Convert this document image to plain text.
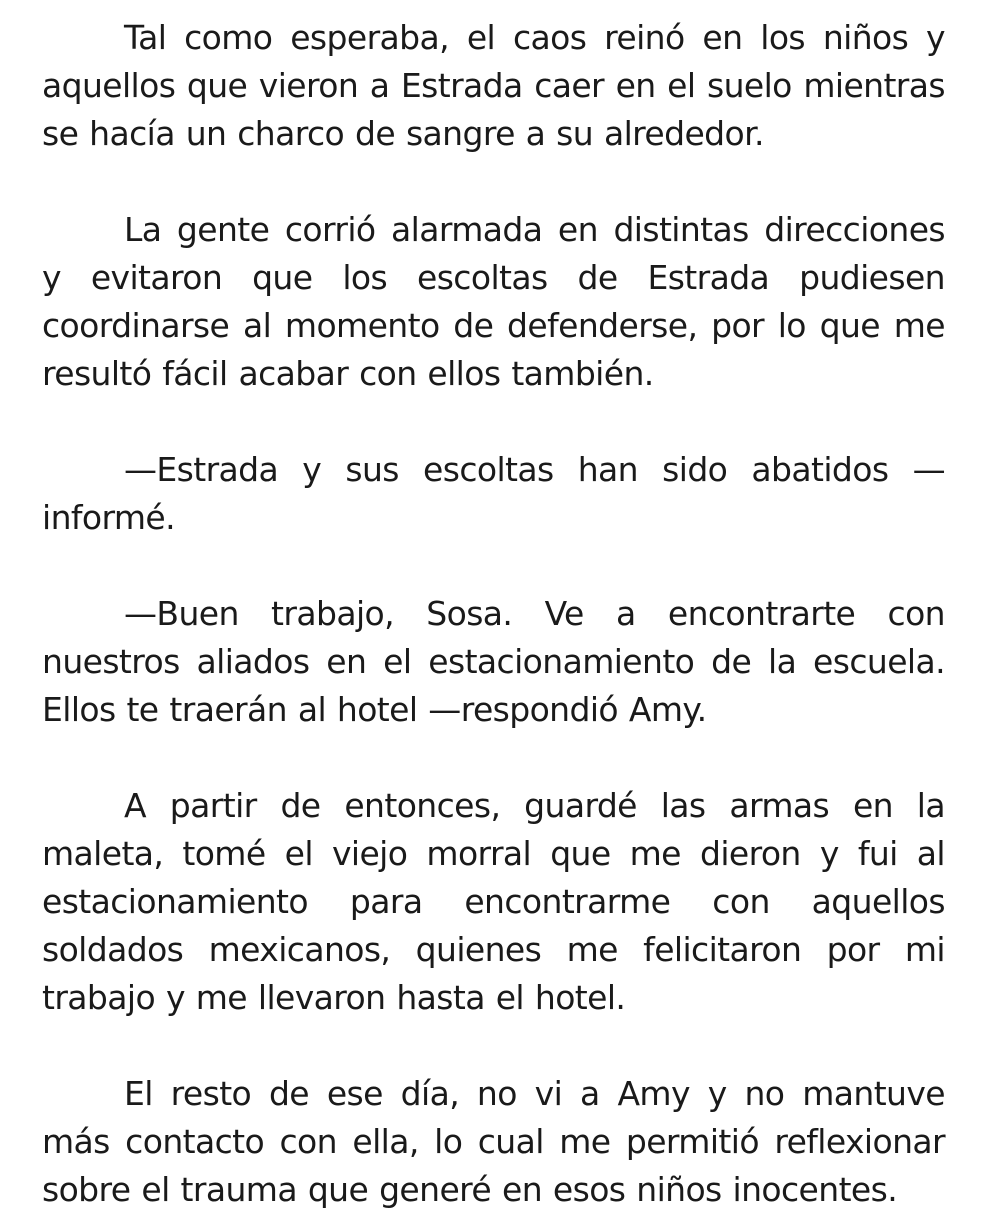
Tal como esperaba, el caos reinó en los niños y aquellos que vieron a Estrada caer en el suelo mientras se hacía un charco de sangre a su alrededor.

La gente corrió alarmada en distintas direcciones y evitaron que los escoltas de Estrada pudiesen coordinarse al momento de defenderse, por lo que me resultó fácil acabar con ellos también.

—Estrada y sus escoltas han sido abatidos —informé.

—Buen trabajo, Sosa. Ve a encontrarte con nuestros aliados en el estacionamiento de la escuela. Ellos te traerán al hotel —respondió Amy.

A partir de entonces, guardé las armas en la maleta, tomé el viejo morral que me dieron y fui al estacionamiento para encontrarme con aquellos soldados mexicanos, quienes me felicitaron por mi trabajo y me llevaron hasta el hotel.

El resto de ese día, no vi a Amy y no mantuve más contacto con ella, lo cual me permitió reflexionar sobre el trauma que generé en esos niños inocentes.
